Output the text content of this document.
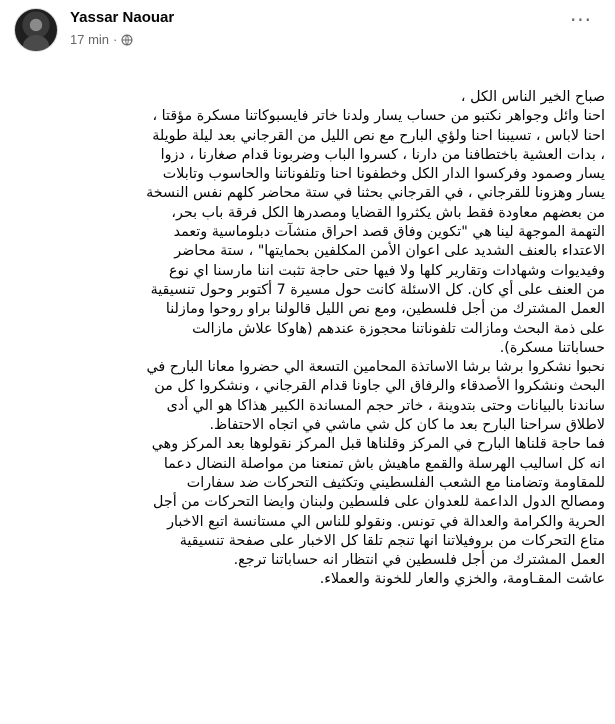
Yassar Naouar
17 min ·
···

صباح الخير الناس الكل ،

احنا وائل وجواهر نكتبو من حساب يسار ولدنا خاتر فايسبوكاتنا مسكرة مؤقتا ،

احنا لاباس ، تسيبنا احنا ولؤي البارح مع نص الليل من القرجاني بعد ليلة طويلة

، بدات العشية باختطافنا من دارنا ، كسروا الباب وضربونا قدام صغارنا ، دزوا

يسار وصمود وفركسوا الدار الكل وخطفونا احنا وتلفوناتنا والحاسوب وتابلات

يسار وهزونا للقرجاني ، في القرجاني بحثنا في ستة محاضر كلهم نفس النسخة

من بعضهم معاودة فقط باش يكثروا القضايا ومصدرها الكل فرقة باب بحر،

التهمة الموجهة لينا هي "تكوين وفاق قصد احراق منشآت دبلوماسية وتعمد

الاعتداء بالعنف الشديد على اعوان الأمن المكلفين بحمايتها" ، ستة محاضر

وفيديوات وشهادات وتقارير كلها ولا فيها حتى حاجة تثبت اننا مارسنا اي نوع

من العنف على أي كان. كل الاسئلة كانت حول مسيرة 7 أكتوبر وحول تنسيقية

العمل المشترك من أجل فلسطين، ومع نص الليل قالولنا براو روحوا ومازلنا

على ذمة البحث ومازالت تلفوناتنا محجوزة عندهم (هاوكا علاش مازالت

حساباتنا مسكرة).

نحبوا نشكروا برشا برشا الاساتذة المحامين التسعة الي حضروا معانا البارح في

البحث ونشكروا الأصدقاء والرفاق الي جاونا قدام القرجاني ، ونشكروا كل من

ساندنا بالبيانات وحتى بتدوينة ، خاتر حجم المساندة الكبير هذاكا هو الي أدى

لاطلاق سراحنا البارح بعد ما كان كل شي ماشي في اتجاه الاحتفاظ.

فما حاجة قلناها البارح في المركز وقلناها قبل المركز نقولوها بعد المركز وهي

انه كل اساليب الهرسلة والقمع ماهيش باش تمنعنا من مواصلة النضال دعما

للمقاومة وتضامنا مع الشعب الفلسطيني وتكثيف التحركات ضد سفارات

ومصالح الدول الداعمة للعدوان على فلسطين ولبنان وايضا التحركات من أجل

الحرية والكرامة والعدالة في تونس. ونقولو للناس الي مستانسة اتبع الاخبار

متاع التحركات من بروفيلاتنا انها تنجم تلقا كل الاخبار على صفحة تنسيقية

العمل المشترك من أجل فلسطين في انتظار انه حساباتنا ترجع.

عاشت المقـاومة، والخزي والعار للخونة والعملاء.
